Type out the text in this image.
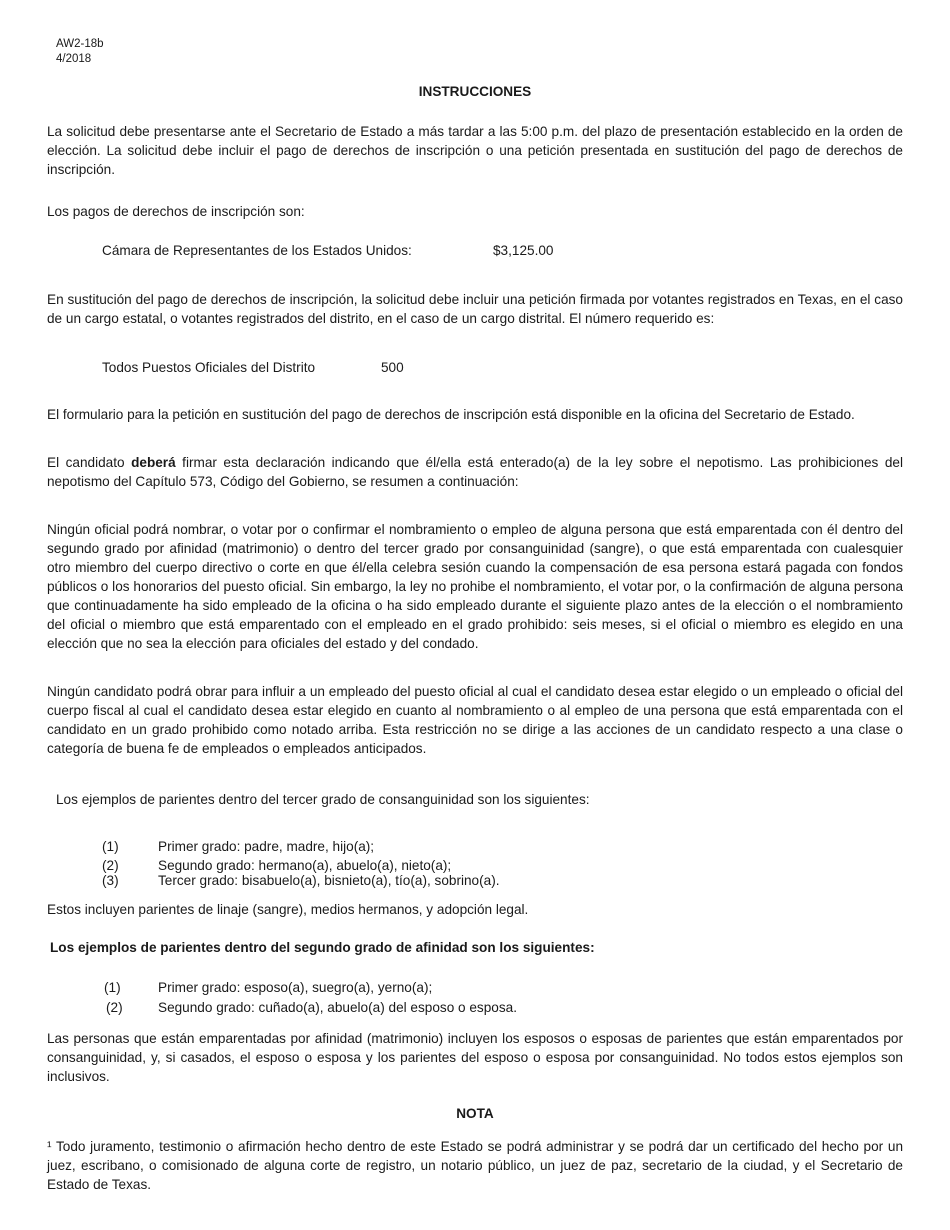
AW2-18b
4/2018
INSTRUCCIONES
La solicitud debe presentarse ante el Secretario de Estado a más tardar a las 5:00 p.m. del plazo de presentación establecido en la orden de elección. La solicitud debe incluir el pago de derechos de inscripción o una petición presentada en sustitución del pago de derechos de inscripción.
Los pagos de derechos de inscripción son:
Cámara de Representantes de los Estados Unidos:	$3,125.00
En sustitución del pago de derechos de inscripción, la solicitud debe incluir una petición firmada por votantes registrados en Texas, en el caso de un cargo estatal, o votantes registrados del distrito, en el caso de un cargo distrital. El número requerido es:
Todos Puestos Oficiales del Distrito	500
El formulario para la petición en sustitución del pago de derechos de inscripción está disponible en la oficina del Secretario de Estado.
El candidato deberá firmar esta declaración indicando que él/ella está enterado(a) de la ley sobre el nepotismo. Las prohibiciones del nepotismo del Capítulo 573, Código del Gobierno, se resumen a continuación:
Ningún oficial podrá nombrar, o votar por o confirmar el nombramiento o empleo de alguna persona que está emparentada con él dentro del segundo grado por afinidad (matrimonio) o dentro del tercer grado por consanguinidad (sangre), o que está emparentada con cualesquier otro miembro del cuerpo directivo o corte en que él/ella celebra sesión cuando la compensación de esa persona estará pagada con fondos públicos o los honorarios del puesto oficial. Sin embargo, la ley no prohibe el nombramiento, el votar por, o la confirmación de alguna persona que continuadamente ha sido empleado de la oficina o ha sido empleado durante el siguiente plazo antes de la elección o el nombramiento del oficial o miembro que está emparentado con el empleado en el grado prohibido: seis meses, si el oficial o miembro es elegido en una elección que no sea la elección para oficiales del estado y del condado.
Ningún candidato podrá obrar para influir a un empleado del puesto oficial al cual el candidato desea estar elegido o un empleado o oficial del cuerpo fiscal al cual el candidato desea estar elegido en cuanto al nombramiento o al empleo de una persona que está emparentada con el candidato en un grado prohibido como notado arriba. Esta restricción no se dirige a las acciones de un candidato respecto a una clase o categoría de buena fe de empleados o empleados anticipados.
Los ejemplos de parientes dentro del tercer grado de consanguinidad son los siguientes:
(1)	Primer grado: padre, madre, hijo(a);
(2)	Segundo grado: hermano(a), abuelo(a), nieto(a);
(3)	Tercer grado: bisabuelo(a), bisnieto(a), tío(a), sobrino(a).
Estos incluyen parientes de linaje (sangre), medios hermanos, y adopción legal.
Los ejemplos de parientes dentro del segundo grado de afinidad son los siguientes:
(1)	Primer grado: esposo(a), suegro(a), yerno(a);
(2)	Segundo grado: cuñado(a), abuelo(a) del esposo o esposa.
Las personas que están emparentadas por afinidad (matrimonio) incluyen los esposos o esposas de parientes que están emparentados por consanguinidad, y, si casados, el esposo o esposa y los parientes del esposo o esposa por consanguinidad. No todos estos ejemplos son inclusivos.
NOTA
¹ Todo juramento, testimonio o afirmación hecho dentro de este Estado se podrá administrar y se podrá dar un certificado del hecho por un juez, escribano, o comisionado de alguna corte de registro, un notario público, un juez de paz, secretario de la ciudad, y el Secretario de Estado de Texas.
